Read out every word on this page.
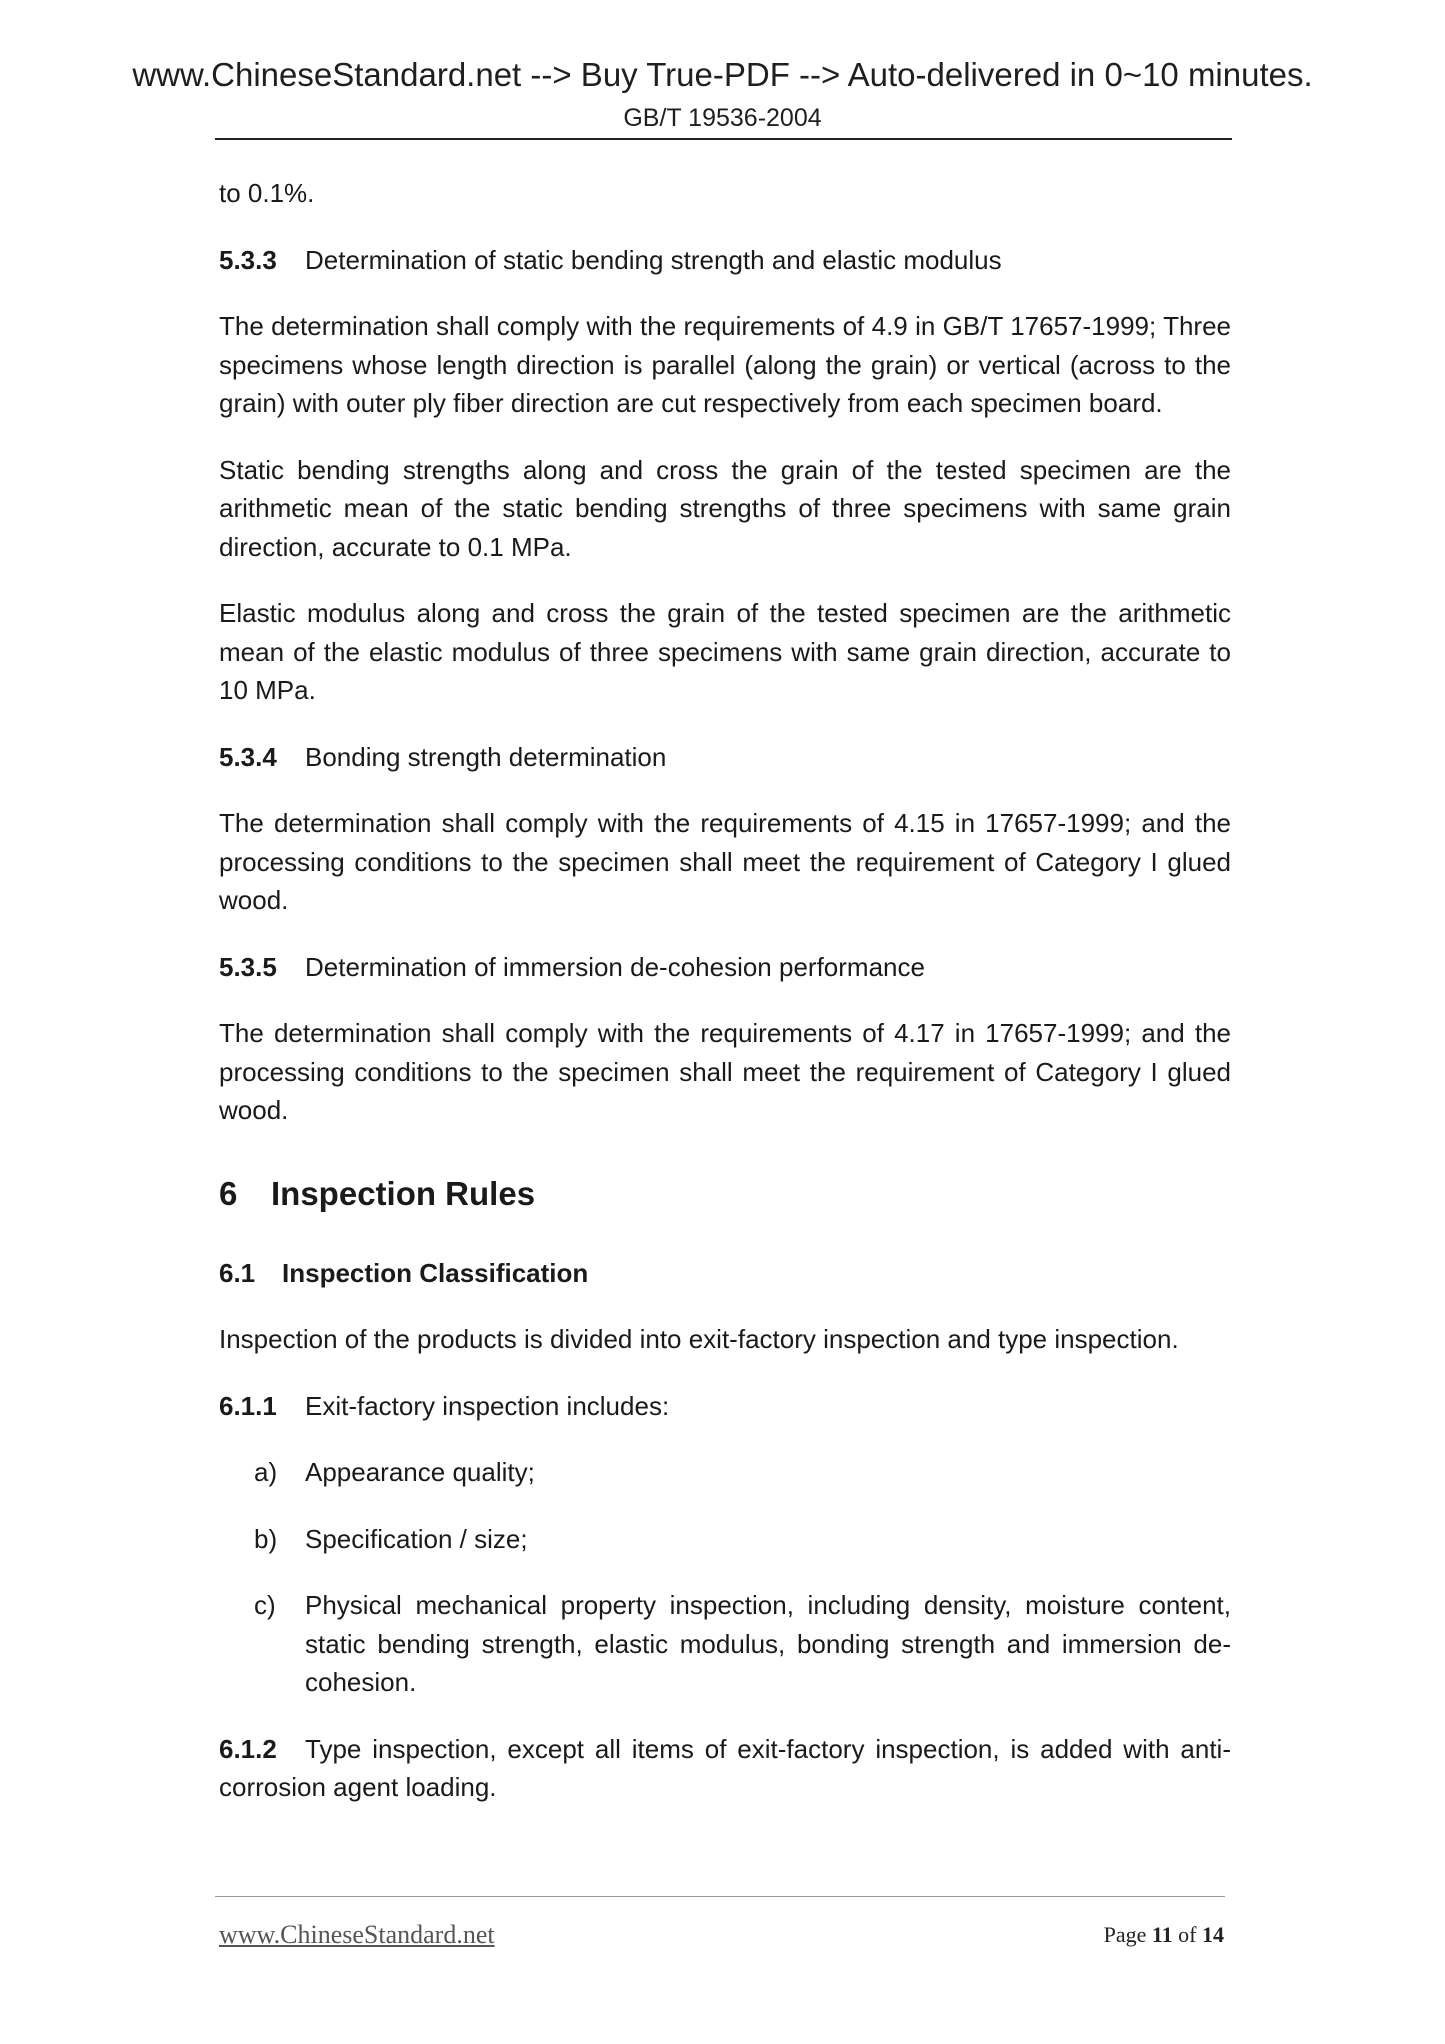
www.ChineseStandard.net --> Buy True-PDF --> Auto-delivered in 0~10 minutes.
GB/T 19536-2004

to 0.1%.

5.3.3 Determination of static bending strength and elastic modulus

The determination shall comply with the requirements of 4.9 in GB/T 17657-1999; Three specimens whose length direction is parallel (along the grain) or vertical (across to the grain) with outer ply fiber direction are cut respectively from each specimen board.

Static bending strengths along and cross the grain of the tested specimen are the arithmetic mean of the static bending strengths of three specimens with same grain direction, accurate to 0.1 MPa.

Elastic modulus along and cross the grain of the tested specimen are the arithmetic mean of the elastic modulus of three specimens with same grain direction, accurate to 10 MPa.

5.3.4 Bonding strength determination

The determination shall comply with the requirements of 4.15 in 17657-1999; and the processing conditions to the specimen shall meet the requirement of Category I glued wood.

5.3.5 Determination of immersion de-cohesion performance

The determination shall comply with the requirements of 4.17 in 17657-1999; and the processing conditions to the specimen shall meet the requirement of Category I glued wood.

6 Inspection Rules
6.1 Inspection Classification

Inspection of the products is divided into exit-factory inspection and type inspection.

6.1.1 Exit-factory inspection includes:
a) Appearance quality;
b) Specification / size;
c) Physical mechanical property inspection, including density, moisture content, static bending strength, elastic modulus, bonding strength and immersion de-cohesion.

6.1.2 Type inspection, except all items of exit-factory inspection, is added with anti-corrosion agent loading.

www.ChineseStandard.net	Page 11 of 14
